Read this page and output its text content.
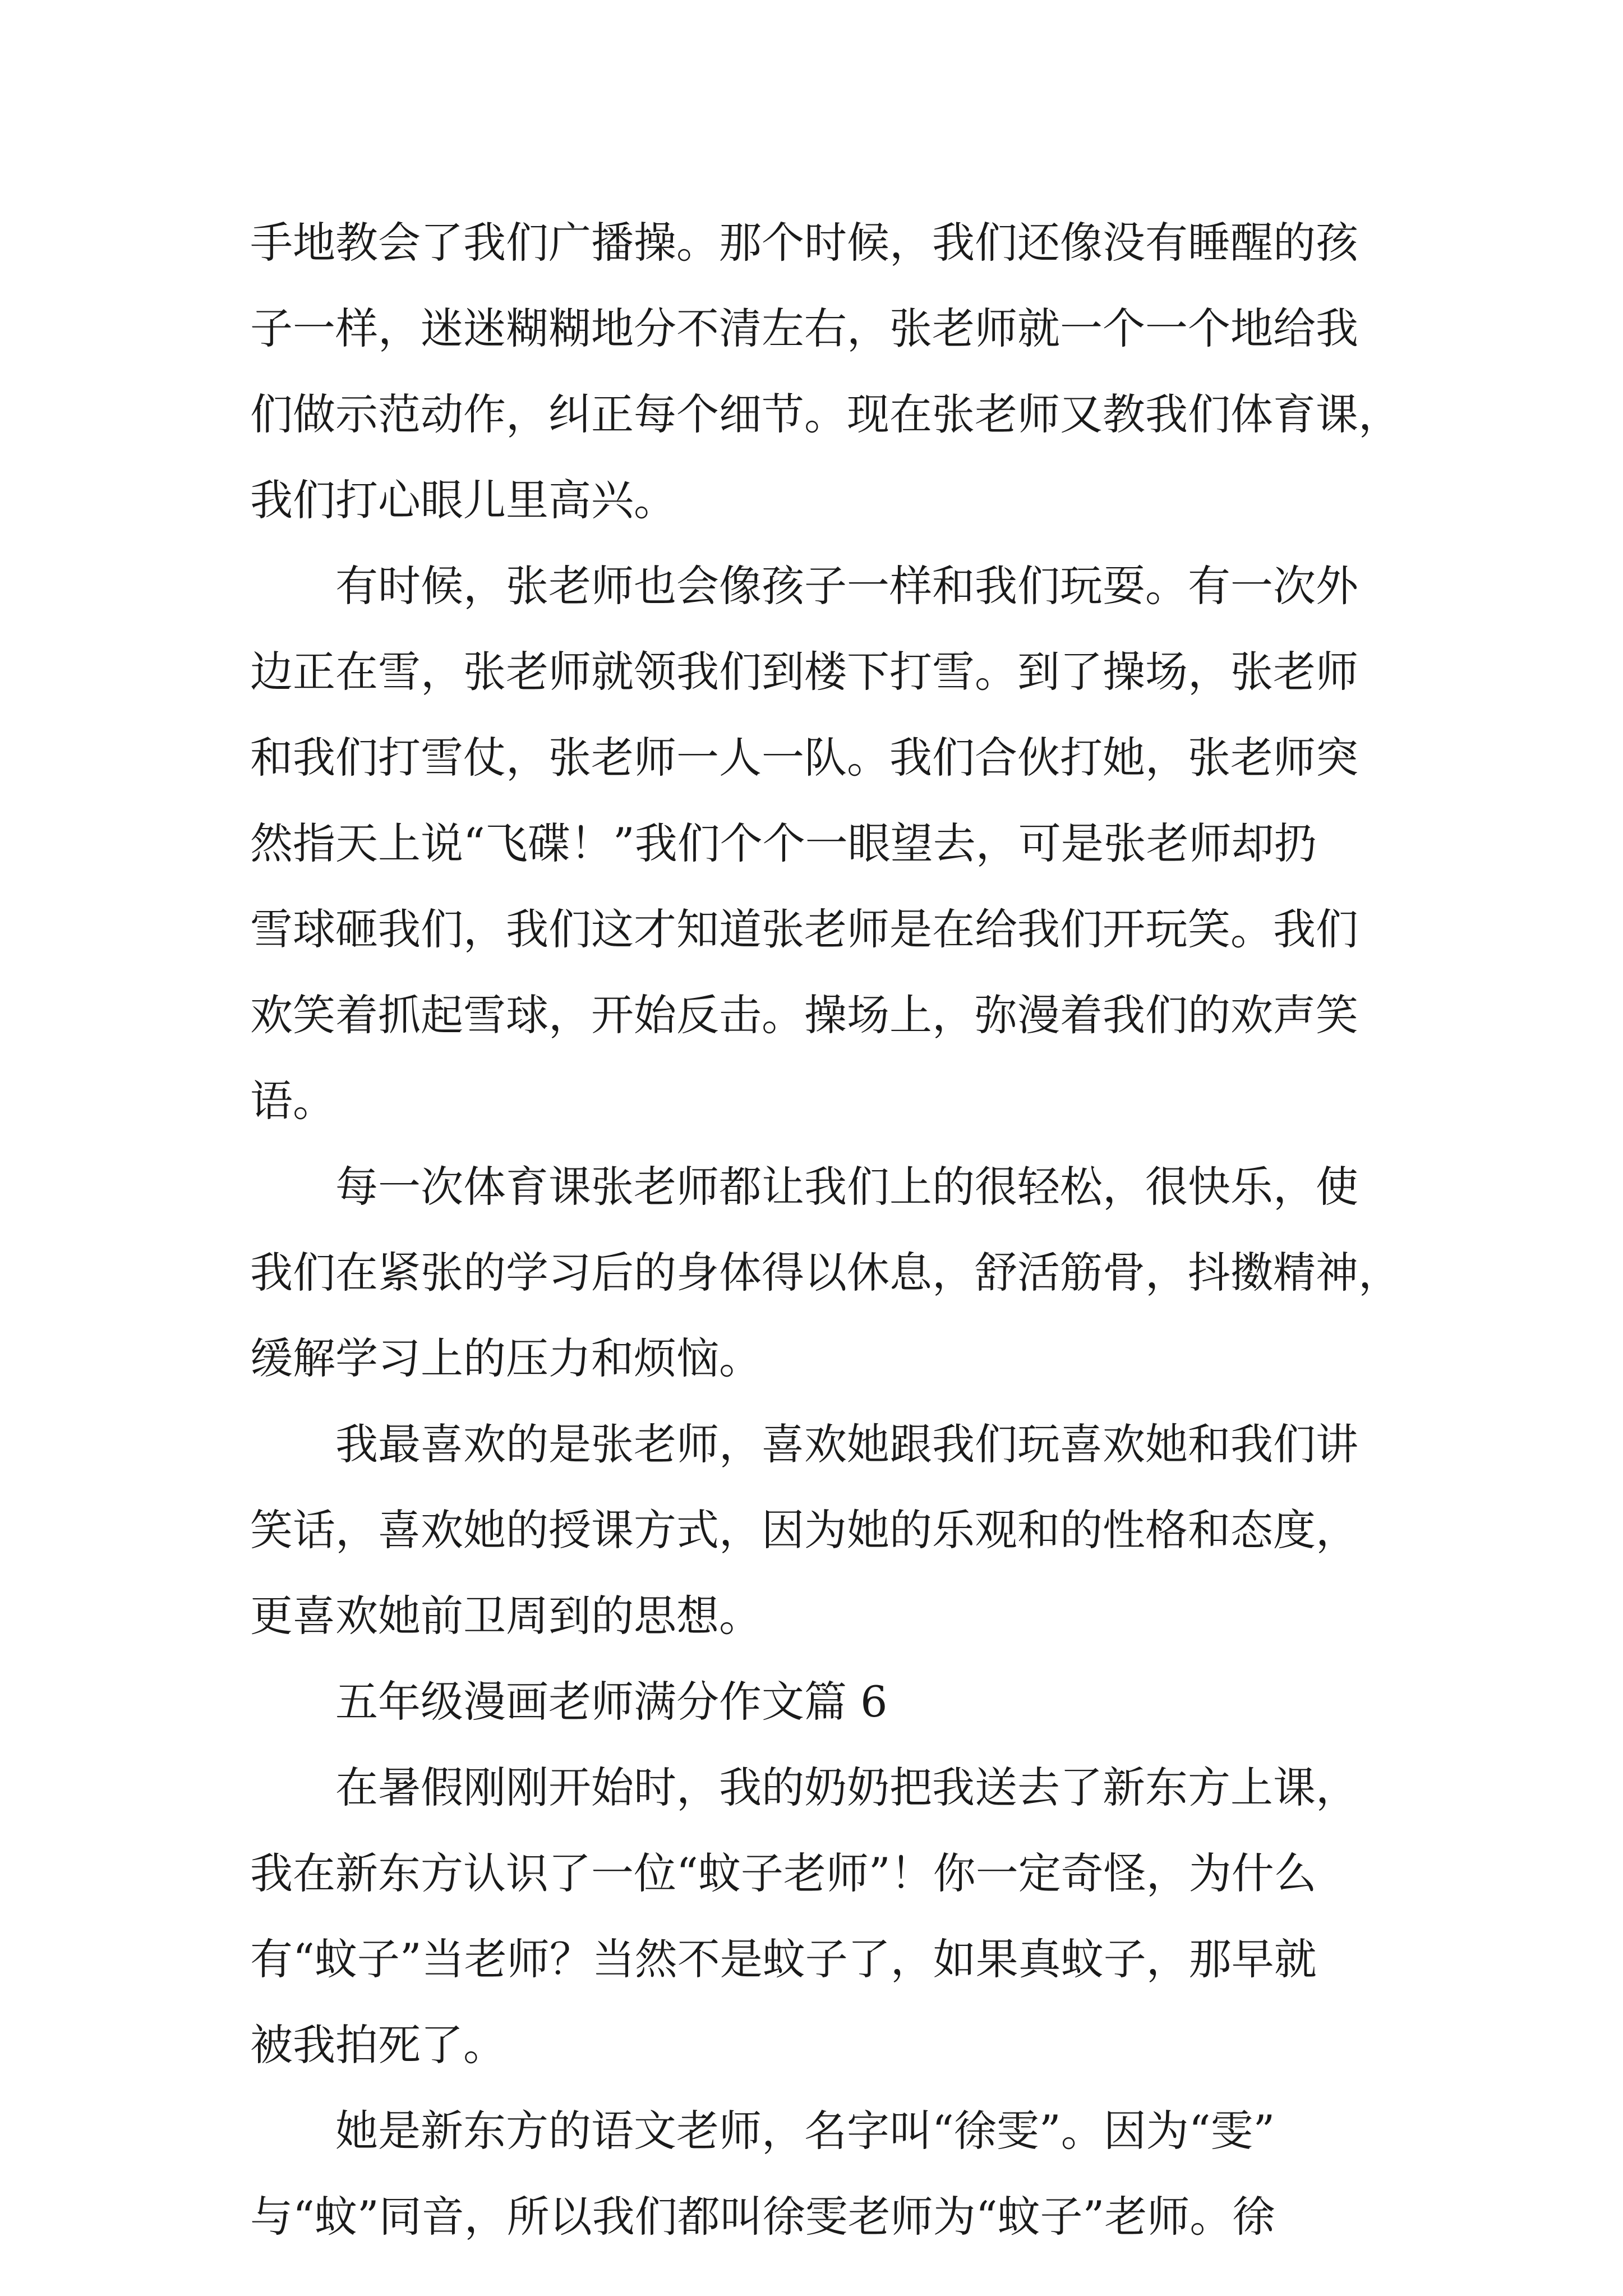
手地教会了我们广播操。那个时候，我们还像没有睡醒的孩
子一样，迷迷糊糊地分不清左右，张老师就一个一个地给我
们做示范动作，纠正每个细节。现在张老师又教我们体育课，
我们打心眼儿里高兴。
　　有时候，张老师也会像孩子一样和我们玩耍。有一次外
边正在雪，张老师就领我们到楼下打雪。到了操场，张老师
和我们打雪仗，张老师一人一队。我们合伙打她，张老师突
然指天上说“飞碟！”我们个个一眼望去，可是张老师却扔
雪球砸我们，我们这才知道张老师是在给我们开玩笑。我们
欢笑着抓起雪球，开始反击。操场上，弥漫着我们的欢声笑
语。
　　每一次体育课张老师都让我们上的很轻松，很快乐，使
我们在紧张的学习后的身体得以休息，舒活筋骨，抖擞精神，
缓解学习上的压力和烦恼。
　　我最喜欢的是张老师，喜欢她跟我们玩喜欢她和我们讲
笑话，喜欢她的授课方式，因为她的乐观和的性格和态度，
更喜欢她前卫周到的思想。
　　五年级漫画老师满分作文篇 6
　　在暑假刚刚开始时，我的奶奶把我送去了新东方上课，
我在新东方认识了一位“蚊子老师”！你一定奇怪，为什么
有“蚊子”当老师？当然不是蚊子了，如果真蚊子，那早就
被我拍死了。
　　她是新东方的语文老师，名字叫“徐雯”。因为“雯”
与“蚊”同音，所以我们都叫徐雯老师为“蚊子”老师。徐
